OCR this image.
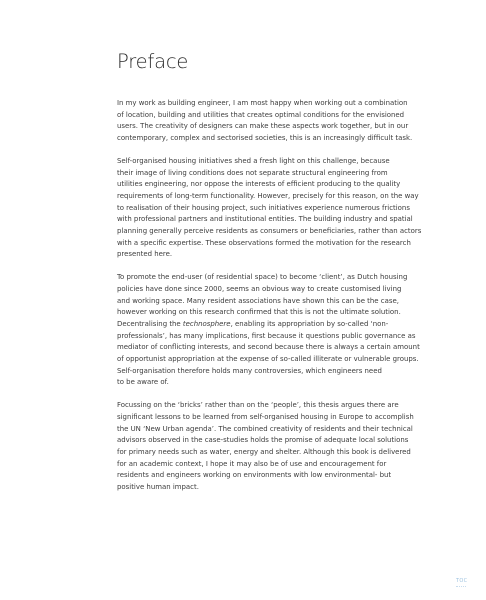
Preface

In my work as building engineer, I am most happy when working out a combination
of location, building and utilities that creates optimal conditions for the envisioned
users. The creativity of designers can make these aspects work together, but in our
contemporary, complex and sectorised societies, this is an increasingly difficult task.

Self-organised housing initiatives shed a fresh light on this challenge, because
their image of living conditions does not separate structural engineering from
utilities engineering, nor oppose the interests of efficient producing to the quality
requirements of long-term functionality. However, precisely for this reason, on the way
to realisation of their housing project, such initiatives experience numerous frictions
with professional partners and institutional entities. The building industry and spatial
planning generally perceive residents as consumers or beneficiaries, rather than actors
with a specific expertise. These observations formed the motivation for the research
presented here.

To promote the end-user (of residential space) to become ‘client’, as Dutch housing
policies have done since 2000, seems an obvious way to create customised living
and working space. Many resident associations have shown this can be the case,
however working on this research confirmed that this is not the ultimate solution.
Decentralising the technosphere, enabling its appropriation by so-called ‘non-
professionals’, has many implications, first because it questions public governance as
mediator of conflicting interests, and second because there is always a certain amount
of opportunist appropriation at the expense of so-called illiterate or vulnerable groups.
Self-organisation therefore holds many controversies, which engineers need
to be aware of.

Focussing on the ‘bricks’ rather than on the ‘people’, this thesis argues there are
significant lessons to be learned from self-organised housing in Europe to accomplish
the UN ‘New Urban agenda’. The combined creativity of residents and their technical
advisors observed in the case-studies holds the promise of adequate local solutions
for primary needs such as water, energy and shelter. Although this book is delivered
for an academic context, I hope it may also be of use and encouragement for
residents and engineers working on environments with low environmental- but
positive human impact.

TOC
